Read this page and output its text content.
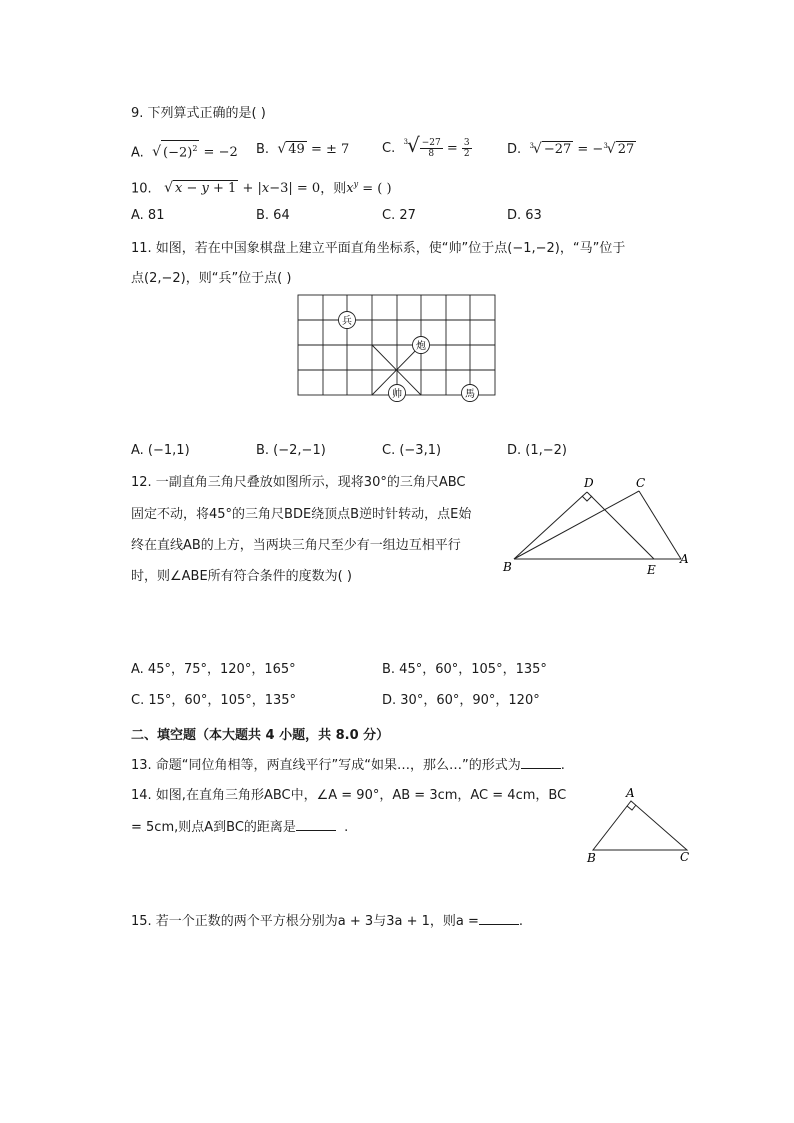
9. 下列算式正确的是( )
A. √ $(-2)^2 = -2$ B. √ 49 = ± 7	C. $^3√ \frac{-27}{8} = \frac{3}{2}$	D. $^3$√ −27 = −$^3$√ 27
10. √ x − y + 1 + |x−3| = 0，则$x^y$ = ( )
A. 81	B. 64	C. 27	D. 63
11. 如图，若在中国象棋盘上建立平面直角坐标系，使“帅”位于点(−1,−2)，“马”位于
点(2,−2)，则“兵”位于点( )
兵
炮
帅	馬
A. (−1,1)	B. (−2,−1)	C. (−3,1)	D. (1,−2)
12. 一副直角三角尺叠放如图所示，现将30°的三角尺ABC
固定不动，将45°的三角尺BDE绕顶点B逆时针转动，点E始
终在直线AB的上方，当两块三角尺至少有一组边互相平行
时，则∠ABE所有符合条件的度数为( )
D	C
B	E
A
A. 45°，75°，120°，165°	B. 45°，60°，105°，135°
C. 15°，60°，105°，135°	D. 30°，60°，90°，120°
二、填空题（本大题共 4 小题，共 8.0 分）
13. 命题“同位角相等，两直线平行”写成“如果…，那么…”的形式为	.
14. 如图,在直角三角形ABC中，∠A = 90°，AB = 3cm，AC = 4cm，BC
= 5cm,则点A到BC的距离是	.
A
B	C
15. 若一个正数的两个平方根分别为a + 3与3a + 1，则a =	.
